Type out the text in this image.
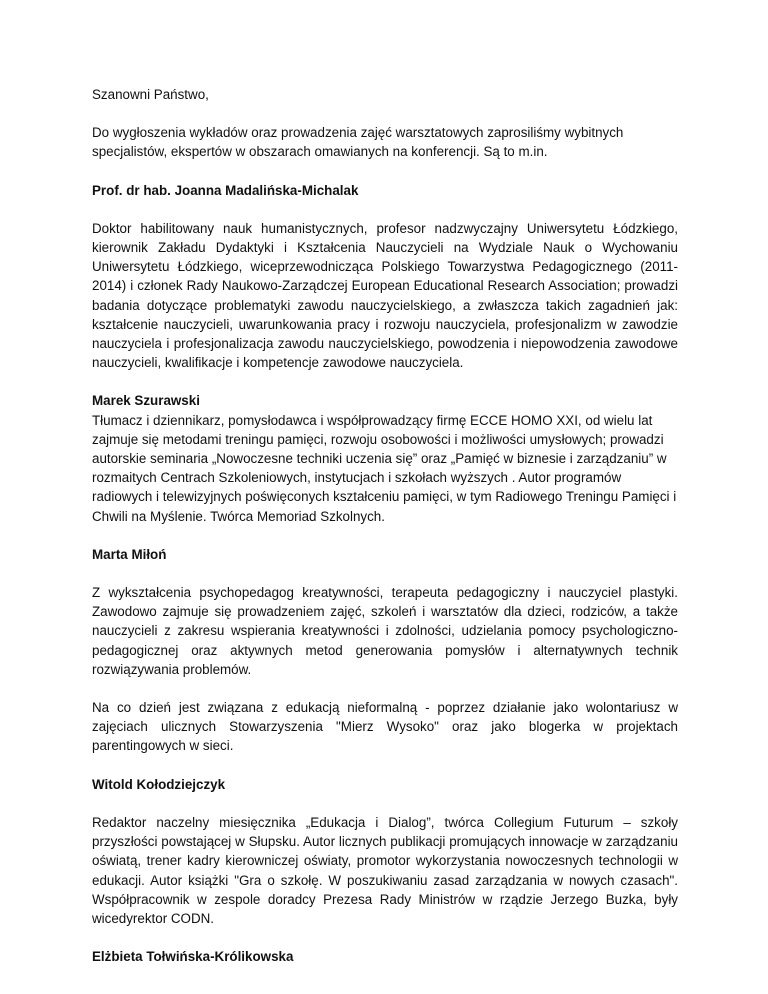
Szanowni Państwo,

Do wygłoszenia wykładów oraz prowadzenia zajęć warsztatowych zaprosiliśmy wybitnych specjalistów, ekspertów w obszarach omawianych na konferencji. Są to m.in.

Prof. dr hab. Joanna Madalińska-Michalak

Doktor habilitowany nauk humanistycznych, profesor nadzwyczajny Uniwersytetu Łódzkiego, kierownik Zakładu Dydaktyki i Kształcenia Nauczycieli na Wydziale Nauk o Wychowaniu Uniwersytetu Łódzkiego, wiceprzewodnicząca Polskiego Towarzystwa Pedagogicznego (2011-2014) i członek Rady Naukowo-Zarządczej European Educational Research Association; prowadzi badania dotyczące problematyki zawodu nauczycielskiego, a zwłaszcza takich zagadnień jak: kształcenie nauczycieli, uwarunkowania pracy i rozwoju nauczyciela, profesjonalizm w zawodzie nauczyciela i profesjonalizacja zawodu nauczycielskiego, powodzenia i niepowodzenia zawodowe nauczycieli, kwalifikacje i kompetencje zawodowe nauczyciela.

Marek Szurawski

Tłumacz i dziennikarz, pomysłodawca i współprowadzący firmę ECCE HOMO XXI, od wielu lat zajmuje się metodami treningu pamięci, rozwoju osobowości i możliwości umysłowych; prowadzi autorskie seminaria „Nowoczesne techniki uczenia się” oraz „Pamięć w biznesie i zarządzaniu” w rozmaitych Centrach Szkoleniowych, instytucjach i szkołach wyższych . Autor programów radiowych i telewizyjnych poświęconych kształceniu pamięci, w tym Radiowego Treningu Pamięci i Chwili na Myślenie. Twórca Memoriad Szkolnych.

Marta Miłoń

Z wykształcenia psychopedagog kreatywności, terapeuta pedagogiczny i nauczyciel plastyki. Zawodowo zajmuje się prowadzeniem zajęć, szkoleń i warsztatów dla dzieci, rodziców, a także nauczycieli z zakresu wspierania kreatywności i zdolności, udzielania pomocy psychologiczno-pedagogicznej oraz aktywnych metod generowania pomysłów i alternatywnych technik rozwiązywania problemów.

Na co dzień jest związana z edukacją nieformalną - poprzez działanie jako wolontariusz w zajęciach ulicznych Stowarzyszenia "Mierz Wysoko" oraz jako blogerka w projektach parentingowych w sieci.

Witold Kołodziejczyk

Redaktor naczelny miesięcznika „Edukacja i Dialog”, twórca Collegium Futurum – szkoły przyszłości powstającej w Słupsku. Autor licznych publikacji promujących innowacje w zarządzaniu oświatą, trener kadry kierowniczej oświaty, promotor wykorzystania nowoczesnych technologii w edukacji. Autor książki "Gra o szkołę. W poszukiwaniu zasad zarządzania w nowych czasach". Współpracownik w zespole doradcy Prezesa Rady Ministrów w rządzie Jerzego Buzka, były wicedyrektor CODN.

Elżbieta Tołwińska-Królikowska
